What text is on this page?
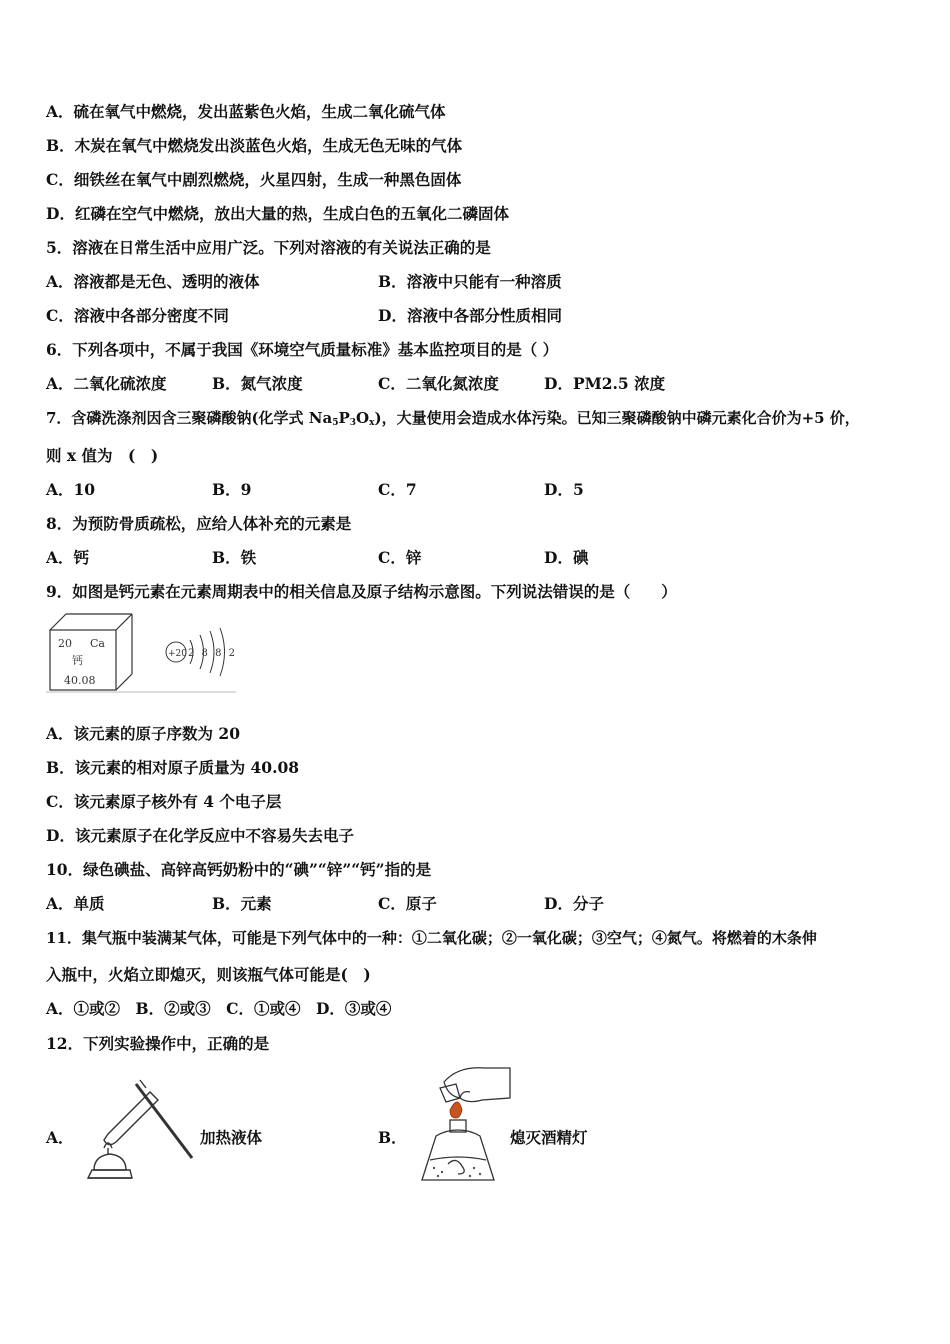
A．硫在氧气中燃烧，发出蓝紫色火焰，生成二氧化硫气体
B．木炭在氧气中燃烧发出淡蓝色火焰，生成无色无味的气体
C．细铁丝在氧气中剧烈燃烧，火星四射，生成一种黑色固体
D．红磷在空气中燃烧，放出大量的热，生成白色的五氧化二磷固体
5．溶液在日常生活中应用广泛。下列对溶液的有关说法正确的是
A．溶液都是无色、透明的液体	B．溶液中只能有一种溶质
C．溶液中各部分密度不同	D．溶液中各部分性质相同
6．下列各项中，不属于我国《环境空气质量标准》基本监控项目的是（ ）
A．二氧化硫浓度	B．氮气浓度	C．二氧化氮浓度	D．PM2.5 浓度
7．含磷洗涤剂因含三聚磷酸钠(化学式 $Na_5P_3O_x$)，大量使用会造成水体污染。已知三聚磷酸钠中磷元素化合价为+5 价，
则 x 值为　(　)
A．10	B．9	C．7	D．5
8．为预防骨质疏松，应给人体补充的元素是
A．钙	B．铁	C．锌	D．碘
9．如图是钙元素在元素周期表中的相关信息及原子结构示意图。下列说法错误的是（　　）
20 Ca
钙
40.08
+20 2 8 8 2
A．该元素的原子序数为 20
B．该元素的相对原子质量为 40.08
C．该元素原子核外有 4 个电子层
D．该元素原子在化学反应中不容易失去电子
10．绿色碘盐、高锌高钙奶粉中的“碘”“锌”“钙”指的是
A．单质	B．元素	C．原子	D．分子
11．集气瓶中装满某气体，可能是下列气体中的一种：①二氧化碳；②一氧化碳；③空气；④氮气。将燃着的木条伸
入瓶中，火焰立即熄灭，则该瓶气体可能是(　)
A．①或②　B．②或③　C．①或④　D．③或④
12．下列实验操作中，正确的是
A．	加热液体	B．	熄灭酒精灯
